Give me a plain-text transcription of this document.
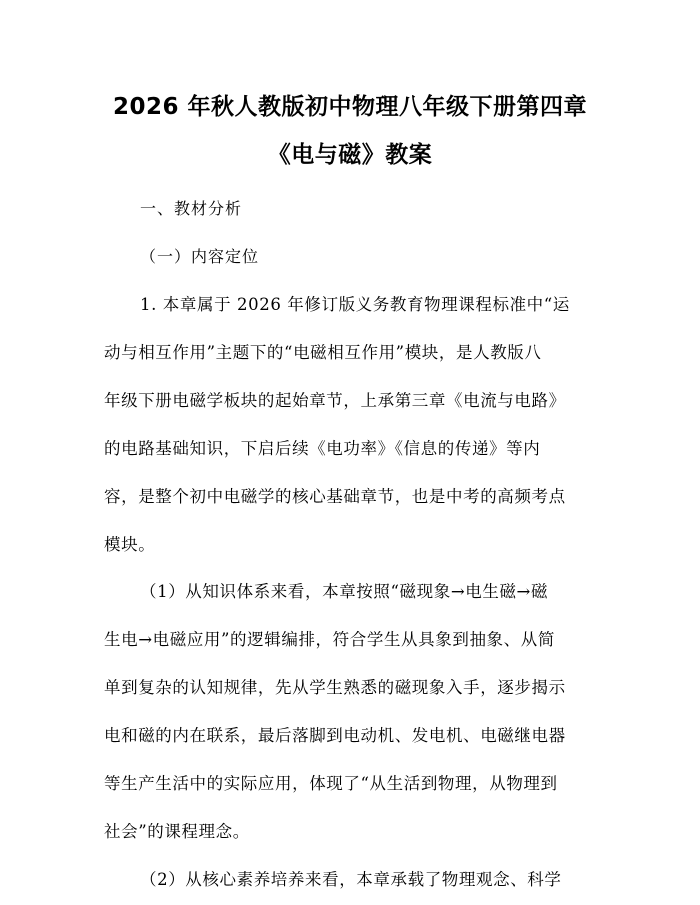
2026 年秋人教版初中物理八年级下册第四章
《电与磁》教案
一、教材分析
（一）内容定位
1. 本章属于 2026 年修订版义务教育物理课程标准中“运
动与相互作用”主题下的“电磁相互作用”模块，是人教版八
年级下册电磁学板块的起始章节，上承第三章《电流与电路》
的电路基础知识，下启后续《电功率》《信息的传递》等内
容，是整个初中电磁学的核心基础章节，也是中考的高频考点
模块。
（1）从知识体系来看，本章按照“磁现象→电生磁→磁
生电→电磁应用”的逻辑编排，符合学生从具象到抽象、从简
单到复杂的认知规律，先从学生熟悉的磁现象入手，逐步揭示
电和磁的内在联系，最后落脚到电动机、发电机、电磁继电器
等生产生活中的实际应用，体现了“从生活到物理，从物理到
社会”的课程理念。
（2）从核心素养培养来看，本章承载了物理观念、科学
